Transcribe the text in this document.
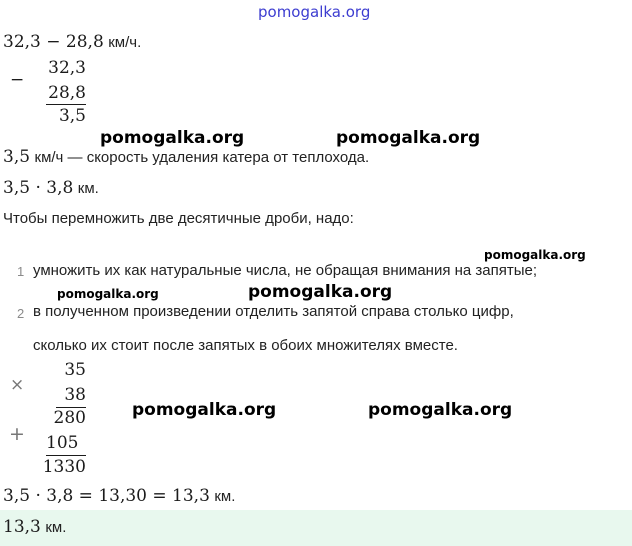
pomogalka.org
32,3 − 28,8 км/ч.
−
32,3
28,8
3,5
pomogalka.org	pomogalka.org
3,5 км/ч — скорость удаления катера от теплохода.
3,5 · 3,8 км.
Чтобы перемножить две десятичные дроби, надо:
pomogalka.org
1 умножить их как натуральные числа, не обращая внимания на запятые;
pomogalka.org	pomogalka.org
2 в полученном произведении отделить запятой справа столько цифр,
сколько их стоит после запятых в обоих множителях вместе.
×
35
38
280
+ 105
1330
pomogalka.org	pomogalka.org
3,5 · 3,8 = 13,30 = 13,3 км.
13,3 км.
